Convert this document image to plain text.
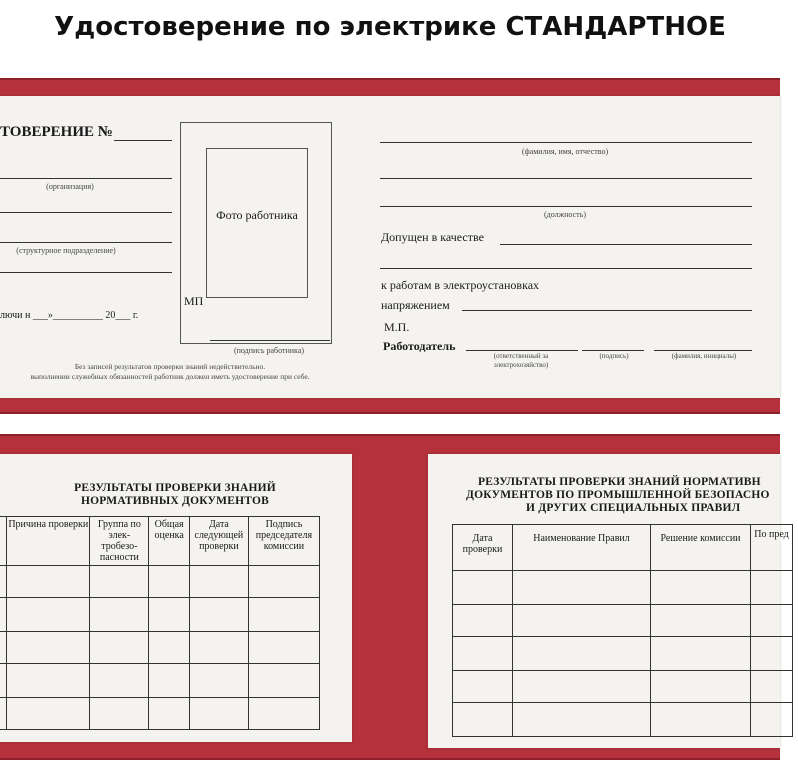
Удостоверение по электрике СТАНДАРТНОЕ
ТОВЕРЕНИЕ №
(организация)
(структурное подразделение)
МП
лючи н ___»__________ 20___ г.
Без записей результатов проверки знаний недействительно.
выполнении служебных обязанностей работник должен иметь удостоверение при себе.
Фото работника
(подпись работника)
(фамилия, имя, отчество)
(должность)
Допущен в качестве
к работам в электроустановках
напряжением
М.П.
Работодатель
(ответственный за электрохозяйство)
(подпись)	(фамилия, инициалы)
РЕЗУЛЬТАТЫ ПРОВЕРКИ ЗНАНИЙ
НОРМАТИВНЫХ ДОКУМЕНТОВ
	Причина проверки	Группа по элек-тробезо-пасности	Общая оценка	Дата следующей проверки	Подпись председателя комиссии

РЕЗУЛЬТАТЫ ПРОВЕРКИ ЗНАНИЙ НОРМАТИВН
ДОКУМЕНТОВ ПО ПРОМЫШЛЕННОЙ БЕЗОПАСНО
И ДРУГИХ СПЕЦИАЛЬНЫХ ПРАВИЛ
Дата проверки	Наименование Правил	Решение комиссии	По пред
